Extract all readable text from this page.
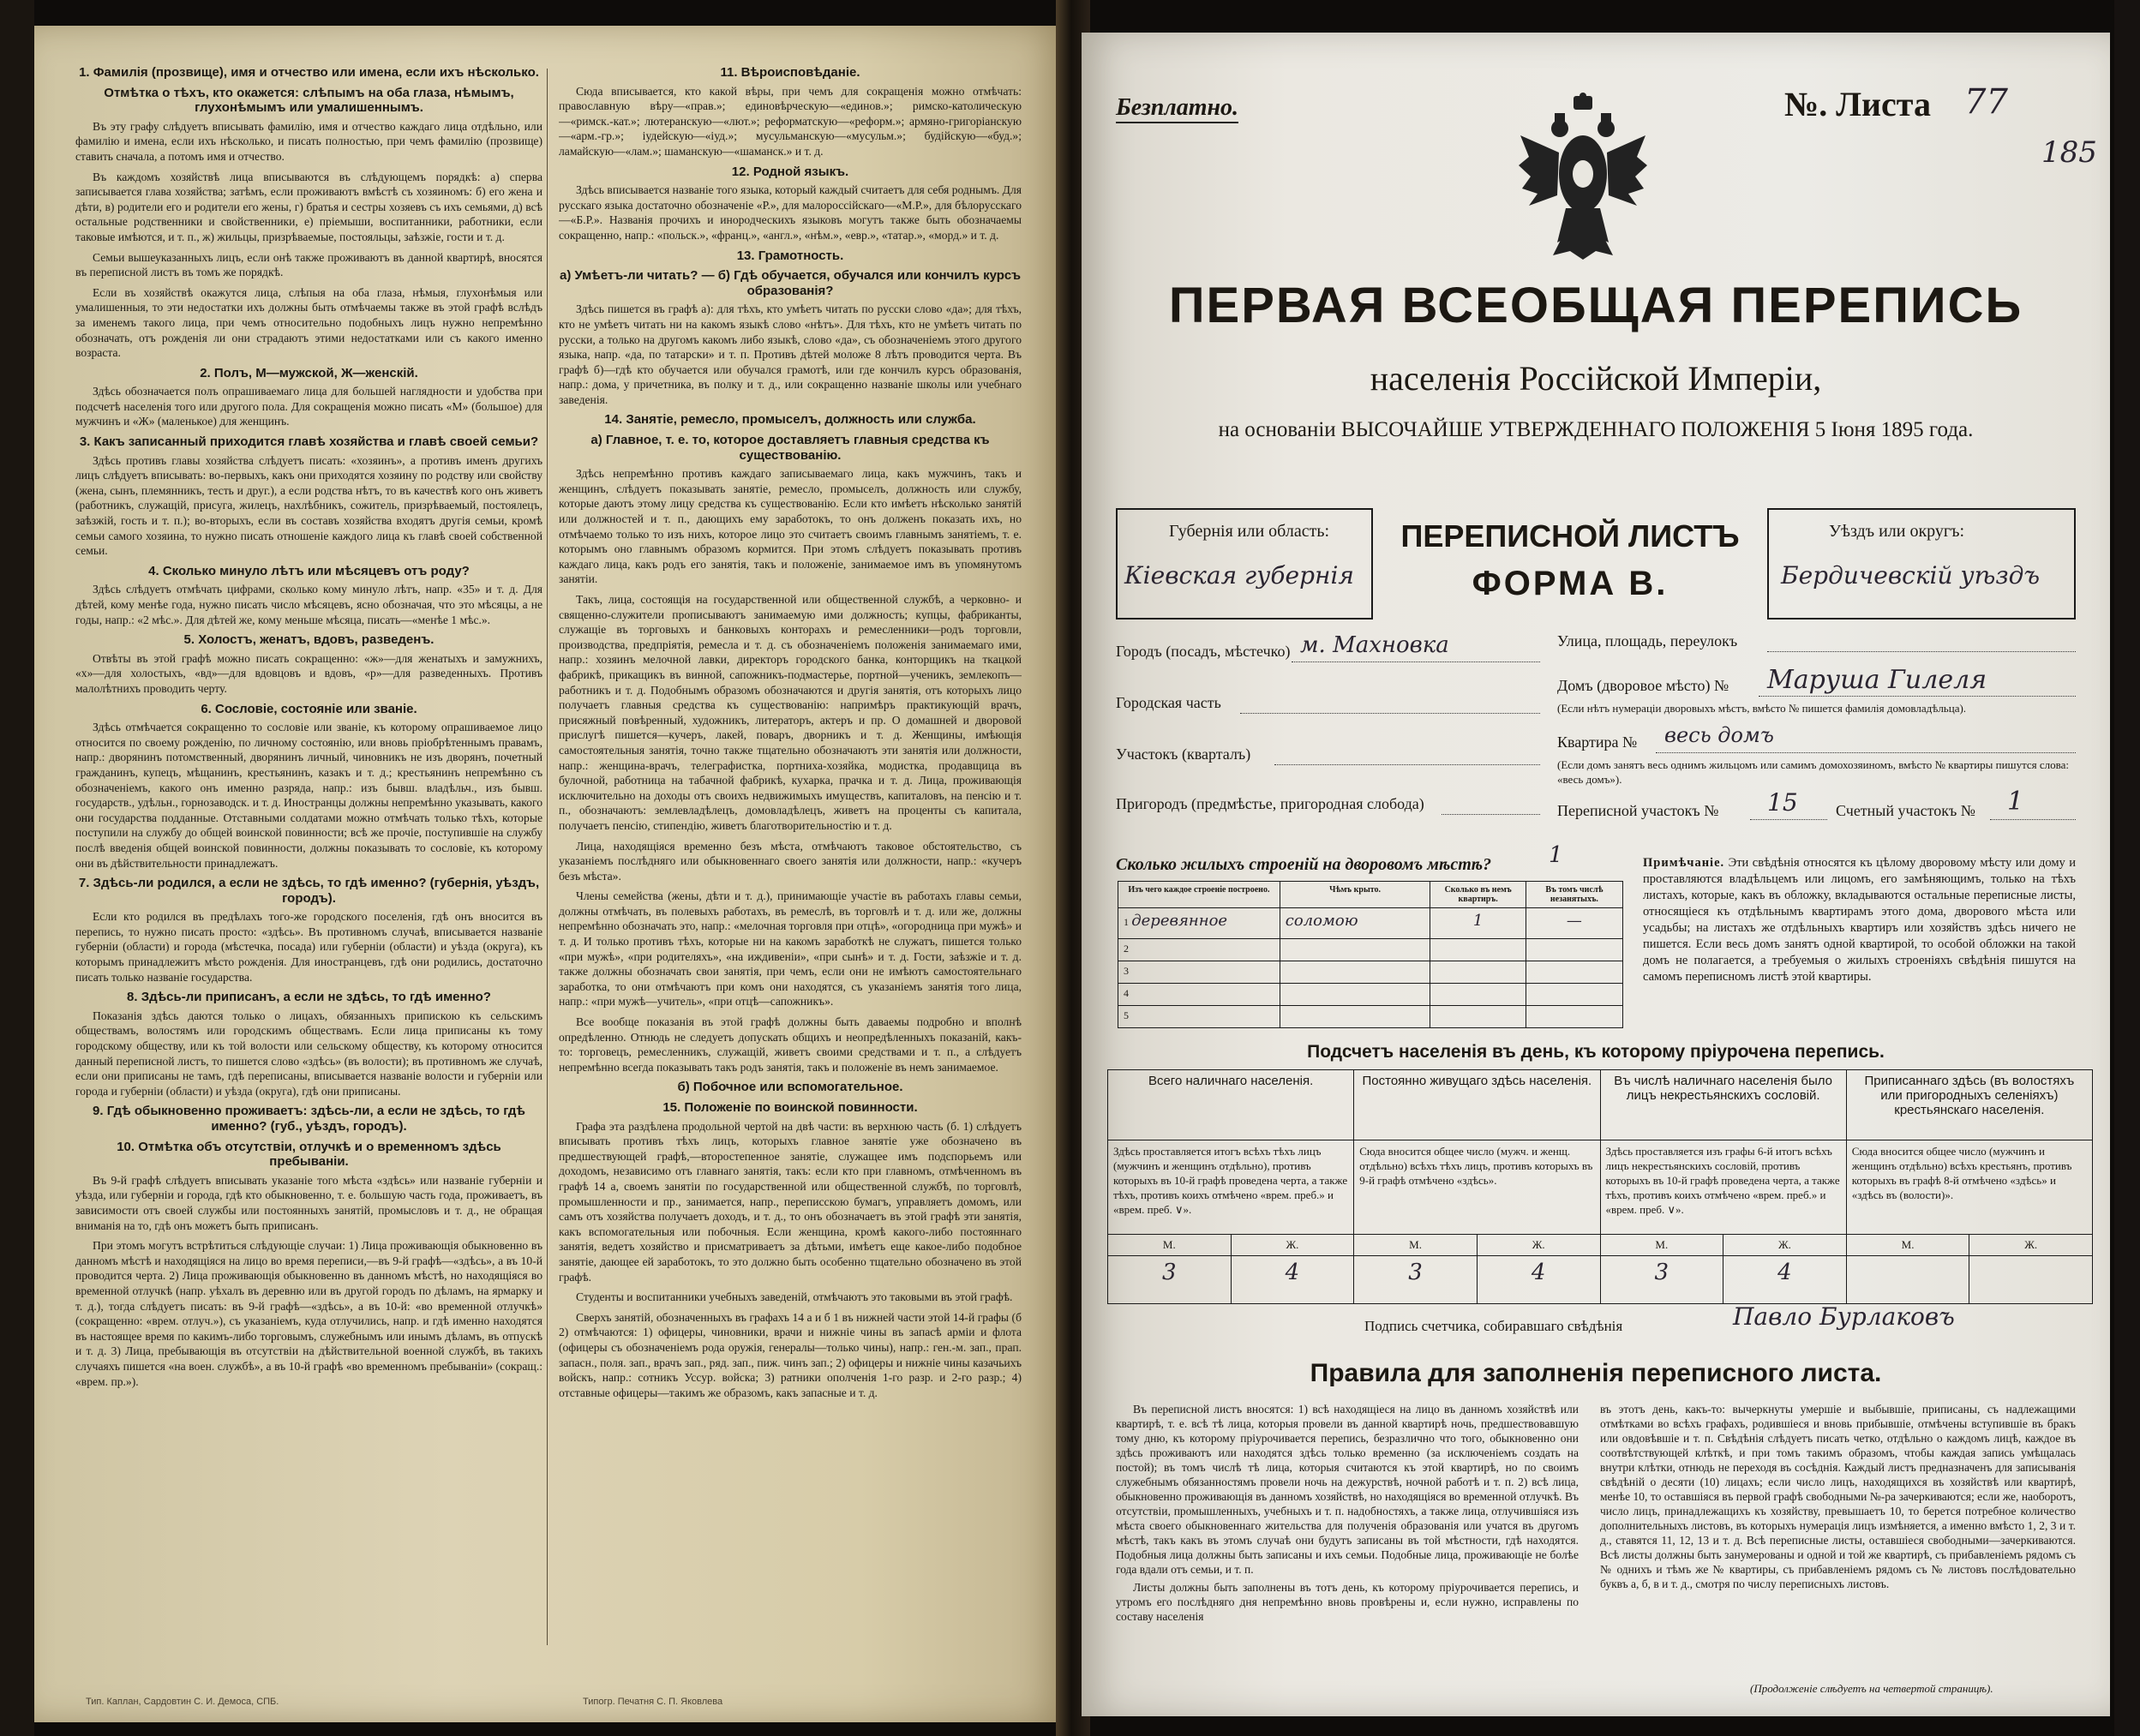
1. Фамилія (прозвище), имя и отчество или имена, если ихъ нѣсколько.
Отмѣтка о тѣхъ, кто окажется: слѣпымъ на оба глаза, нѣмымъ, глухонѣмымъ или умалишеннымъ.

Въ эту графу слѣдуетъ вписывать фамилію, имя и отчество каждаго лица отдѣльно, или фамилію и имена, если ихъ нѣсколько, и писать полностью, при чемъ фамилію (прозвище) ставить сначала, а потомъ имя и отчество.

Въ каждомъ хозяйствѣ лица вписываются въ слѣдующемъ порядкѣ: а) сперва записывается глава хозяйства; затѣмъ, если проживаютъ вмѣстѣ съ хозяиномъ: б) его жена и дѣти, в) родители его и родители его жены, г) братья и сестры хозяевъ съ ихъ семьями, д) всѣ остальные родственники и свойственники, е) пріемыши, воспитанники, работники, если таковые имѣются, и т. п., ж) жильцы, призрѣваемые, постояльцы, заѣзжіе, гости и т. д.

Семьи вышеуказанныхъ лицъ, если онѣ также проживаютъ въ данной квартирѣ, вносятся въ переписной листъ въ томъ же порядкѣ.

Если въ хозяйствѣ окажутся лица, слѣпыя на оба глаза, нѣмыя, глухонѣмыя или умалишенныя, то эти недостатки ихъ должны быть отмѣчаемы также въ этой графѣ вслѣдъ за именемъ такого лица, при чемъ относительно подобныхъ лицъ нужно непремѣнно обозначать, отъ рожденія ли они страдаютъ этими недостатками или съ какого именно возраста.

2. Полъ, М—мужской, Ж—женскій.

Здѣсь обозначается полъ опрашиваемаго лица для большей наглядности и удобства при подсчетѣ населенія того или другого пола. Для сокращенія можно писать «М» (большое) для мужчинъ и «Ж» (маленькое) для женщинъ.

3. Какъ записанный приходится главѣ хозяйства и главѣ своей семьи?

Здѣсь противъ главы хозяйства слѣдуетъ писать: «хозяинъ», а противъ именъ другихъ лицъ слѣдуетъ вписывать: во-первыхъ, какъ они приходятся хозяину по родству или свойству (жена, сынъ, племянникъ, тесть и друг.), а если родства нѣтъ, то въ качествѣ кого онъ живетъ (работникъ, служащій, присуга, жилецъ, нахлѣбникъ, сожитель, призрѣваемый, постоялецъ, заѣзжій, гость и т. п.); во-вторыхъ, если въ составъ хозяйства входятъ другія семьи, кромѣ семьи самого хозяина, то нужно писать отношеніе каждого лица къ главѣ своей собственной семьи.

4. Сколько минуло лѣтъ или мѣсяцевъ отъ роду?

Здѣсь слѣдуетъ отмѣчать цифрами, сколько кому минуло лѣтъ, напр. «35» и т. д. Для дѣтей, кому менѣе года, нужно писать число мѣсяцевъ, ясно обозначая, что это мѣсяцы, а не годы, напр.: «2 мѣс.». Для дѣтей же, кому меньше мѣсяца, писать—«менѣе 1 мѣс.».

5. Холостъ, женатъ, вдовъ, разведенъ.

Отвѣты въ этой графѣ можно писать сокращенно: «ж»—для женатыхъ и замужнихъ, «х»—для холостыхъ, «вд»—для вдовцовъ и вдовъ, «р»—для разведенныхъ. Противъ малолѣтнихъ проводить черту.

6. Сословіе, состояніе или званіе.

Здѣсь отмѣчается сокращенно то сословіе или званіе, къ которому опрашиваемое лицо относится по своему рожденію, по личному состоянію, или вновь пріобрѣтеннымъ правамъ, напр.: дворянинъ потомственный, дворянинъ личный, чиновникъ не изъ дворянъ, почетный гражданинъ, купецъ, мѣщанинъ, крестьянинъ, казакъ и т. д.; крестьянинъ непремѣнно съ обозначеніемъ, какого онъ именно разряда, напр.: изъ бывш. владѣльч., изъ бывш. государств., удѣльн., горнозаводск. и т. д. Иностранцы должны непремѣнно указывать, какого они государства подданные. Отставными солдатами можно отмѣчать только тѣхъ, которые поступили на службу до общей воинской повинности; всѣ же прочіе, поступившіе на службу послѣ введенія общей воинской повинности, должны показывать то сословіе, къ которому они въ дѣйствительности принадлежатъ.

7. Здѣсь-ли родился, а если не здѣсь, то гдѣ именно? (губернія, уѣздъ, городъ).

Если кто родился въ предѣлахъ того-же городского поселенія, гдѣ онъ вносится въ перепись, то нужно писать просто: «здѣсь». Въ противномъ случаѣ, вписывается названіе губерніи (области) и города (мѣстечка, посада) или губерніи (области) и уѣзда (округа), къ которымъ принадлежитъ мѣсто рожденія. Для иностранцевъ, гдѣ они родились, достаточно писать только названіе государства.

8. Здѣсь-ли приписанъ, а если не здѣсь, то гдѣ именно?

Показанія здѣсь даются только о лицахъ, обязанныхъ припискою къ сельскимъ обществамъ, волостямъ или городскимъ обществамъ. Если лица приписаны къ тому городскому обществу, или къ той волости или сельскому обществу, къ которому относится данный переписной листъ, то пишется слово «здѣсь» (въ волости); въ противномъ же случаѣ, если они приписаны не тамъ, гдѣ переписаны, вписывается названіе волости и губерніи или города и губерніи (области) и уѣзда (округа), гдѣ они приписаны.

9. Гдѣ обыкновенно проживаетъ: здѣсь-ли, а если не здѣсь, то гдѣ именно? (губ., уѣздъ, городъ).
10. Отмѣтка объ отсутствіи, отлучкѣ и о временномъ здѣсь пребываніи.

Въ 9-й графѣ слѣдуетъ вписывать указаніе того мѣста «здѣсь» или названіе губерніи и уѣзда, или губерніи и города, гдѣ кто обыкновенно, т. е. большую часть года, проживаетъ, въ зависимости отъ своей службы или постоянныхъ занятій, промысловъ и т. д., не обращая вниманія на то, гдѣ онъ можетъ быть приписанъ.

При этомъ могутъ встрѣтиться слѣдующіе случаи: 1) Лица проживающія обыкновенно въ данномъ мѣстѣ и находящіяся на лицо во время переписи,—въ 9-й графѣ—«здѣсь», а въ 10-й проводится черта. 2) Лица проживающія обыкновенно въ данномъ мѣстѣ, но находящіяся во временной отлучкѣ (напр. уѣхалъ въ деревню или въ другой городъ по дѣламъ, на ярмарку и т. д.), тогда слѣдуетъ писать: въ 9-й графѣ—«здѣсь», а въ 10-й: «во временной отлучкѣ» (сокращенно: «врем. отлуч.»), съ указаніемъ, куда отлучились, напр. и гдѣ именно находятся въ настоящее время по какимъ-либо торговымъ, служебнымъ или инымъ дѣламъ, въ отпускѣ и т. д. 3) Лица, пребывающія въ отсутствіи на дѣйствительной военной службѣ, въ такихъ случаяхъ пишется «на воен. службѣ», а въ 10-й графѣ «во временномъ пребываніи» (сокращ.: «врем. пр.»).

11. Вѣроисповѣданіе.

Сюда вписывается, кто какой вѣры, при чемъ для сокращенія можно отмѣчать: православную вѣру—«прав.»; единовѣрческую—«единов.»; римско-католическую—«римск.-кат.»; лютеранскую—«лют.»; реформатскую—«реформ.»; армяно-григоріанскую—«арм.-гр.»; іудейскую—«іуд.»; мусульманскую—«мусульм.»; будійскую—«буд.»; ламайскую—«лам.»; шаманскую—«шаманск.» и т. д.

12. Родной языкъ.

Здѣсь вписывается названіе того языка, который каждый считаетъ для себя роднымъ. Для русскаго языка достаточно обозначеніе «Р.», для малороссійскаго—«М.Р.», для бѣлорусскаго—«Б.Р.». Названія прочихъ и инородческихъ языковъ могутъ также быть обозначаемы сокращенно, напр.: «польск.», «франц.», «англ.», «нѣм.», «евр.», «татар.», «морд.» и т. д.

13. Грамотность.
а) Умѣетъ-ли читать? — б) Гдѣ обучается, обучался или кончилъ курсъ образованія?

Здѣсь пишется въ графѣ а): для тѣхъ, кто умѣетъ читать по русски слово «да»; для тѣхъ, кто не умѣетъ читать ни на какомъ языкѣ слово «нѣтъ». Для тѣхъ, кто не умѣетъ читать по русски, а только на другомъ какомъ либо языкѣ, слово «да», съ обозначеніемъ этого другого языка, напр. «да, по татарски» и т. п. Противъ дѣтей моложе 8 лѣтъ проводится черта. Въ графѣ б)—гдѣ кто обучается или обучался грамотѣ, или где кончилъ курсъ образованія, напр.: дома, у причетника, въ полку и т. д., или сокращенно названіе школы или учебнаго заведенія.

14. Занятіе, ремесло, промыселъ, должность или служба.
а) Главное, т. е. то, которое доставляетъ главныя средства къ существованію.

Здѣсь непремѣнно противъ каждаго записываемаго лица, какъ мужчинъ, такъ и женщинъ, слѣдуетъ показывать занятіе, ремесло, промыселъ, должность или службу, которые даютъ этому лицу средства къ существованію. Если кто имѣетъ нѣсколько занятій или должностей и т. п., дающихъ ему заработокъ, то онъ долженъ показать ихъ, но отмѣчаемо только то изъ нихъ, которое лицо это считаетъ своимъ главнымъ занятіемъ, т. е. которымъ оно главнымъ образомъ кормится. При этомъ слѣдуетъ показывать противъ каждаго лица, какъ родъ его занятія, такъ и положеніе, занимаемое имъ въ упомянутомъ занятіи.

Такъ, лица, состоящія на государственной или общественной службѣ, а черковно- и священно-служители прописываютъ занимаемую ими должность; купцы, фабриканты, служащіе въ торговыхъ и банковыхъ конторахъ и ремесленники—родъ торговли, производства, предпріятія, ремесла и т. д. съ обозначеніемъ положенія занимаемаго ими, напр.: хозяинъ мелочной лавки, директоръ городского банка, конторщикъ на ткацкой фабрикѣ, прикащикъ въ винной, сапожникъ-подмастерье, портной—ученикъ, землекопъ—работникъ и т. д. Подобнымъ образомъ обозначаются и другія занятія, отъ которыхъ лицо получаетъ главныя средства къ существованію: напримѣръ практикующій врачъ, присяжный повѣренный, художникъ, литераторъ, актеръ и пр. О домашней и дворовой прислугѣ пишется—кучеръ, лакей, поваръ, дворникъ и т. д. Женщины, имѣющія самостоятельныя занятія, точно также тщательно обозначаютъ эти занятія или должности, напр.: женщина-врачъ, телеграфистка, портниха-хозяйка, модистка, продавщица въ булочной, работница на табачной фабрикѣ, кухарка, прачка и т. д. Лица, проживающія исключительно на доходы отъ своихъ недвижимыхъ имуществъ, капиталовъ, на пенсію и т. п., обозначаютъ: землевладѣлецъ, домовладѣлецъ, живетъ на проценты съ капитала, получаетъ пенсію, стипендію, живетъ благотворительностію и т. д.

Лица, находящіяся временно безъ мѣста, отмѣчаютъ таковое обстоятельство, съ указаніемъ послѣдняго или обыкновеннаго своего занятія или должности, напр.: «кучеръ безъ мѣста».

Члены семейства (жены, дѣти и т. д.), принимающіе участіе въ работахъ главы семьи, должны отмѣчать, въ полевыхъ работахъ, въ ремеслѣ, въ торговлѣ и т. д. или же, должны непремѣнно обозначать это, напр.: «мелочная торговля при отцѣ», «огородница при мужѣ» и т. д. И только противъ тѣхъ, которые ни на какомъ заработкѣ не служатъ, пишется только «при мужѣ», «при родителяхъ», «на иждивеніи», «при сынѣ» и т. д. Гости, заѣзжіе и т. д. также должны обозначать свои занятія, при чемъ, если они не имѣютъ самостоятельнаго заработка, то они отмѣчаютъ при комъ они находятся, съ указаніемъ занятія того лица, напр.: «при мужѣ—учитель», «при отцѣ—сапожникъ».

Все вообще показанія въ этой графѣ должны быть даваемы подробно и вполнѣ опредѣленно. Отнюдь не следуетъ допускать общихъ и неопредѣленныхъ показаній, какъ-то: торговецъ, ремесленникъ, служащій, живетъ своими средствами и т. п., а слѣдуетъ непремѣнно всегда показывать такъ родъ занятія, такъ и положеніе въ немъ занимаемое.

б) Побочное или вспомогательное.
15. Положеніе по воинской повинности.

Графа эта раздѣлена продольной чертой на двѣ части: въ верхнюю часть (б. 1) слѣдуетъ вписывать противъ тѣхъ лицъ, которыхъ главное занятіе уже обозначено въ предшествующей графѣ,—второстепенное занятіе, служащее имъ подспорьемъ или доходомъ, независимо отъ главнаго занятія, такъ: если кто при главномъ, отмѣченномъ въ графѣ 14 а, своемъ занятіи по государственной или общественной службѣ, по торговлѣ, промышленности и пр., занимается, напр., переписскою бумагъ, управляетъ домомъ, или самъ отъ хозяйства получаетъ доходъ, и т. д., то онъ обозначаетъ въ этой графѣ эти занятія, какъ вспомогательныя или побочныя. Если женщина, кромѣ какого-либо постояннаго занятія, ведетъ хозяйство и присматриваетъ за дѣтьми, имѣетъ еще какое-либо подобное занятіе, дающее ей заработокъ, то это должно быть особенно тщательно обозначено въ этой графѣ.

Студенты и воспитанники учебныхъ заведеній, отмѣчаютъ это таковыми въ этой графѣ.

Сверхъ занятій, обозначенныхъ въ графахъ 14 а и б 1 въ нижней части этой 14-й графы (б 2) отмѣчаются: 1) офицеры, чиновники, врачи и нижніе чины въ запасѣ арміи и флота (офицеры съ обозначеніемъ рода оружія, генералы—только чины), напр.: ген.-м. зап., прап. запасн., поля. зап., врачъ зап., ряд. зап., пиж. чинъ зап.; 2) офицеры и нижніе чины казачьихъ войскъ, напр.: сотникъ Уссур. войска; 3) ратники ополченія 1-го разр. и 2-го разр.; 4) отставные офицеры—такимъ же образомъ, какъ запасные и т. д.

Тип. Каплан, Сардовтин С. И. Демоса, СПБ.	Типогр. Печатня С. П. Яковлева
Безплатно.	№. Листа 77
185
ПЕРВАЯ ВСЕОБЩАЯ ПЕРЕПИСЬ
населенія Россійской Имперіи,
на основаніи ВЫСОЧАЙШЕ УТВЕРЖДЕННАГО ПОЛОЖЕНІЯ 5 Іюня 1895 года.
Губернія или область:
Кіевская губернія
ПЕРЕПИСНОЙ ЛИСТЪ
ФОРМА В.
Уѣздъ или округъ:
Бердичевскій уѣздъ
Городъ (посадъ, мѣстечко) м. Махновка
Городская часть
Участокъ (кварталъ)
Пригородъ (предмѣстье, пригородная слобода)
Улица, площадь, переулокъ
Домъ (дворовое мѣсто) № Маруша Гилеля
(Если нѣтъ нумераціи дворовыхъ мѣстъ, вмѣсто № пишется фамилія домовладѣльца).
Квартира № весь домъ
(Если домъ занятъ весь однимъ жильцомъ или самимъ домохозяиномъ, вмѣсто № квартиры пишутся слова: «весь домъ»).
Переписной участокъ № 15 Счетный участокъ № 1
Сколько жилыхъ строеній на дворовомъ мѣстѣ?	1
Изъ чего каждое строеніе построено.	Чѣмъ крыто.	Сколько въ немъ квартиръ.	Въ томъ числѣ незанятыхъ.
1 деревянное	соломою	1	—
2			
3			
4			
5			
Примѣчаніе. Эти свѣдѣнія относятся къ цѣлому дворовому мѣсту или дому и проставляются владѣльцемъ или лицомъ, его замѣняющимъ, только на тѣхъ листахъ, которые, какъ въ обложку, вкладываются остальные переписные листы, относящіеся къ отдѣльнымъ квартирамъ этого дома, дворового мѣста или усадьбы; на листахъ же отдѣльныхъ квартиръ или хозяйствъ здѣсь ничего не пишется. Если весь домъ занятъ одной квартирой, то особой обложки на такой домъ не полагается, а требуемыя о жилыхъ строеніяхъ свѣдѣнія пишутся на самомъ переписномъ листѣ этой квартиры.
Подсчетъ населенія въ день, къ которому пріурочена перепись.
Всего наличнаго населенія.		Постоянно живущаго здѣсь населенія.		Въ числѣ наличнаго населенія было лицъ некрестьянскихъ сословій.		Приписаннаго здѣсь (въ волостяхъ или пригородныхъ селеніяхъ) крестьянскаго населенія.	
Здѣсь проставляется итогъ всѣхъ тѣхъ лицъ (мужчинъ и женщинъ отдѣльно), противъ которыхъ въ 10-й графѣ проведена черта, а также тѣхъ, противъ коихъ отмѣчено «врем. преб.» и «врем. преб. ∨».		Сюда вносится общее число (мужч. и женщ. отдѣльно) всѣхъ тѣхъ лицъ, противъ которыхъ въ 9-й графѣ отмѣчено «здѣсь».		Здѣсь проставляется изъ графы 6-й итогъ всѣхъ лицъ некрестьянскихъ сословій, противъ которыхъ въ 10-й графѣ проведена черта, а также тѣхъ, противъ коихъ отмѣчено «врем. преб.» и «врем. преб. ∨».		Сюда вносится общее число (мужчинъ и женщинъ отдѣльно) всѣхъ крестьянъ, противъ которыхъ въ графѣ 8-й отмѣчено «здѣсь» и «здѣсь въ (волости)».	
М.	Ж.	М.	Ж.	М.	Ж.	М.	Ж.
3	4	3	4	3	4		
Подпись счетчика, собиравшаго свѣдѣнія	Павло Бурлаковъ
Правила для заполненія переписного листа.

Въ переписной листъ вносятся: 1) всѣ находящіеся на лицо въ данномъ хозяйствѣ или квартирѣ, т. е. всѣ тѣ лица, которыя провели въ данной квартирѣ ночь, предшествовавшую тому дню, къ которому пріурочивается перепись, безразлично что того, обыкновенно они здѣсь проживаютъ или находятся здѣсь только временно (за исключеніемъ создать на постой); въ томъ числѣ тѣ лица, которыя считаются къ этой квартирѣ, но по своимъ служебнымъ обязанностямъ провели ночь на дежурствѣ, ночной работѣ и т. п. 2) всѣ лица, обыкновенно проживающія въ данномъ хозяйствѣ, но находящіяся во временной отлучкѣ. Въ отсутствіи, промышленныхъ, учебныхъ и т. п. надобностяхъ, а также лица, отлучившіяся изъ мѣста своего обыкновеннаго жительства для полученія образованія или учатся въ другомъ мѣстѣ, такъ какъ въ этомъ случаѣ они будутъ записаны въ той мѣстности, гдѣ находятся. Подобныя лица должны быть записаны и ихъ семьи. Подобные лица, проживающіе не болѣе года вдали отъ семьи, и т. п.

Листы должны быть заполнены въ тотъ день, къ которому пріурочивается перепись, и утромъ его послѣдняго дня непремѣнно вновь провѣрены и, если нужно, исправлены по составу населенія

въ этотъ день, какъ-то: вычеркнуты умершіе и выбывшіе, приписаны, съ надлежащими отмѣтками во всѣхъ графахъ, родившіеся и вновь прибывшіе, отмѣчены вступившіе въ бракъ или овдовѣвшіе и т. п. Свѣдѣнія слѣдуетъ писать четко, отдѣльно о каждомъ лицѣ, каждое въ соотвѣтствующей клѣткѣ, и при томъ такимъ образомъ, чтобы каждая запись умѣщалась внутри клѣтки, отнюдь не переходя въ сосѣднія. Каждый листъ предназначенъ для записыванія свѣдѣній о десяти (10) лицахъ; если число лицъ, находящихся въ хозяйствѣ или квартирѣ, менѣе 10, то оставшіяся въ первой графѣ свободными №-ра зачеркиваются; если же, наоборотъ, число лицъ, принадлежащихъ къ хозяйству, превышаетъ 10, то берется потребное количество дополнительныхъ листовъ, въ которыхъ нумерація лицъ измѣняется, а именно вмѣсто 1, 2, 3 и т. д., ставятся 11, 12, 13 и т. д. Всѣ переписные листы, оставшіеся свободными—зачеркиваются. Всѣ листы должны быть занумерованы и одной и той же квартирѣ, съ прибавленіемъ рядомъ съ № однихъ и тѣмъ же № квартиры, съ прибавленіемъ рядомъ съ № листовъ послѣдовательно буквъ а, б, в и т. д., смотря по числу переписныхъ листовъ.

(Продолженіе слѣдуетъ на четвертой страницѣ).
